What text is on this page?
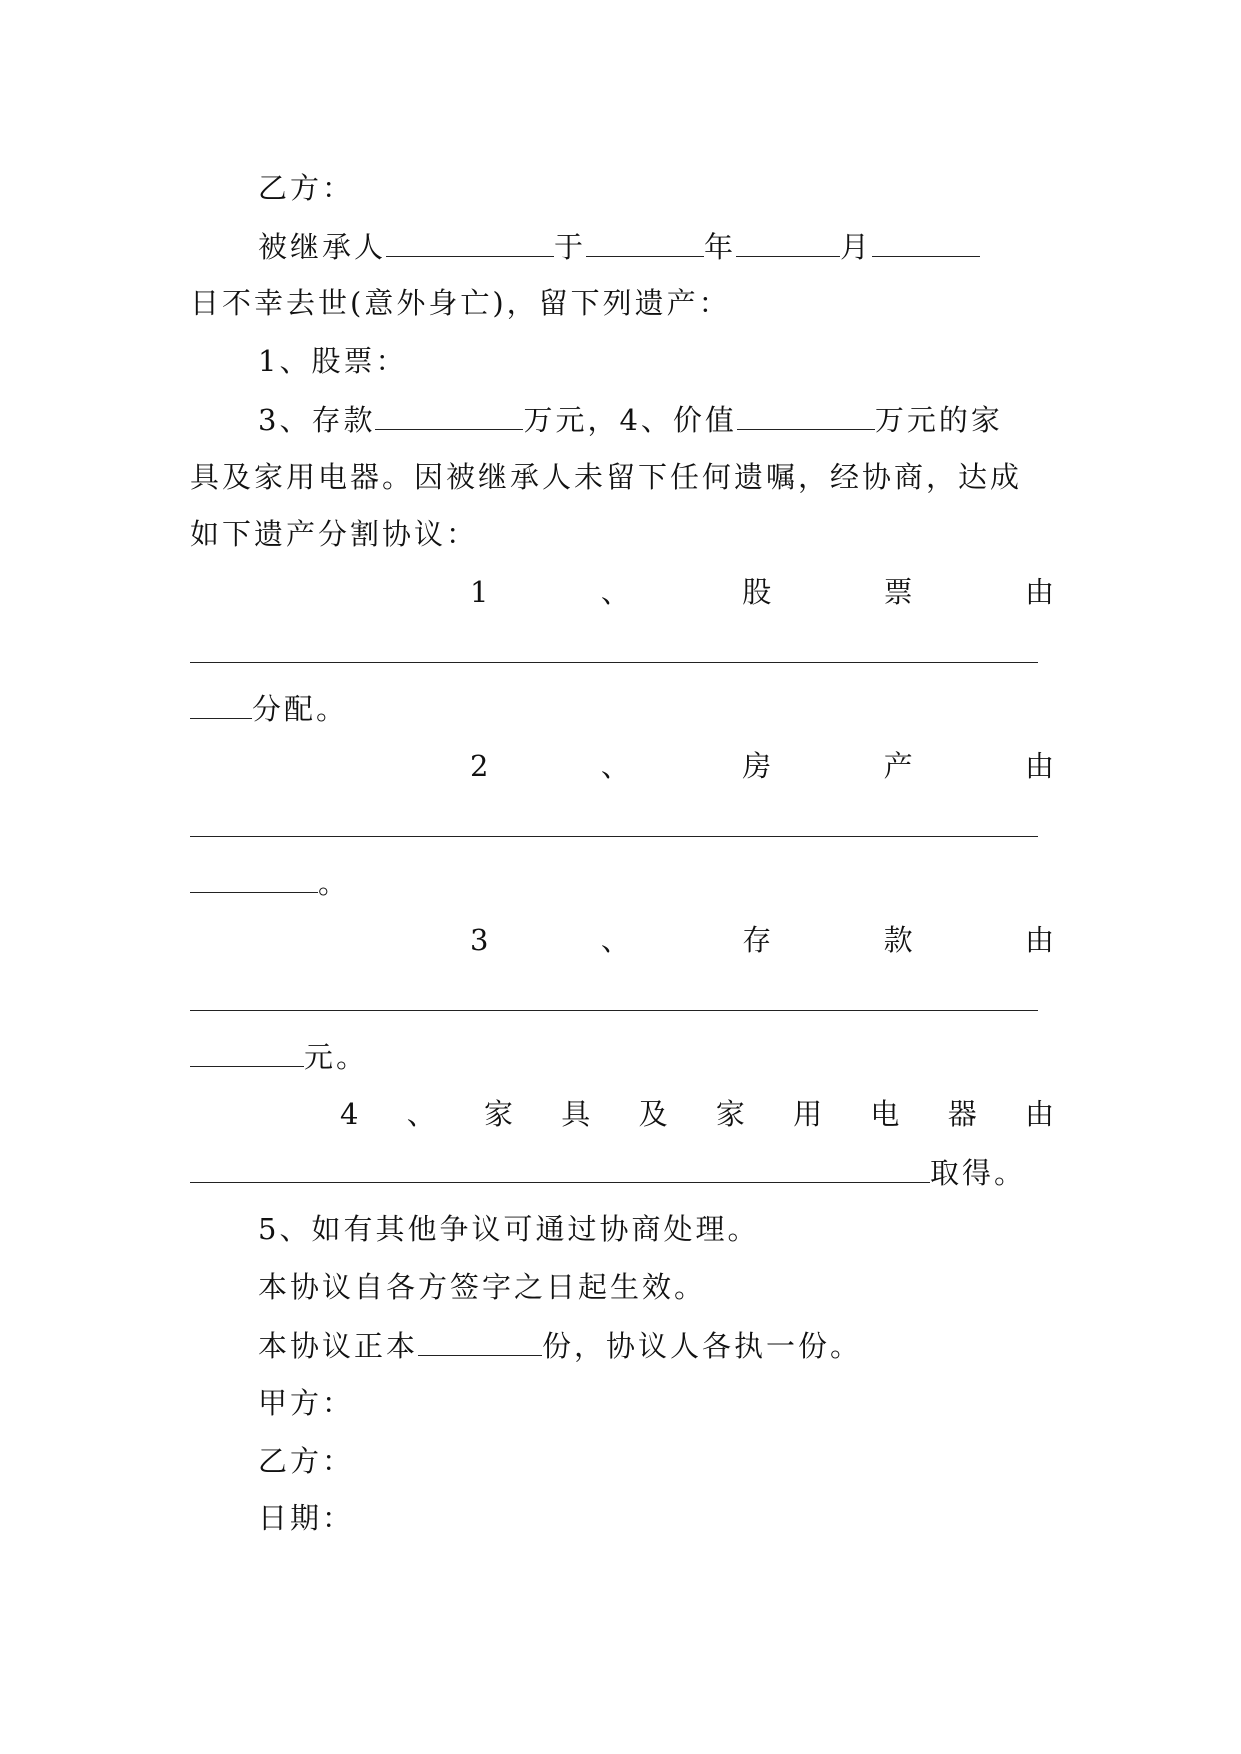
乙方：
被继承人	于	年	月
日不幸去世(意外身亡)，留下列遗产：
1、股票：
3、存款	万元，4、价值	万元的家
具及家用电器。因被继承人未留下任何遗嘱，经协商，达成
如下遗产分割协议：
1	、	股	票	由
分配。
2	、	房	产	由
。
3	、	存	款	由
元。
4 、 家 具 及 家 用 电 器 由
取得。
5、如有其他争议可通过协商处理。
本协议自各方签字之日起生效。
本协议正本	份，协议人各执一份。
甲方：
乙方：
日期：
